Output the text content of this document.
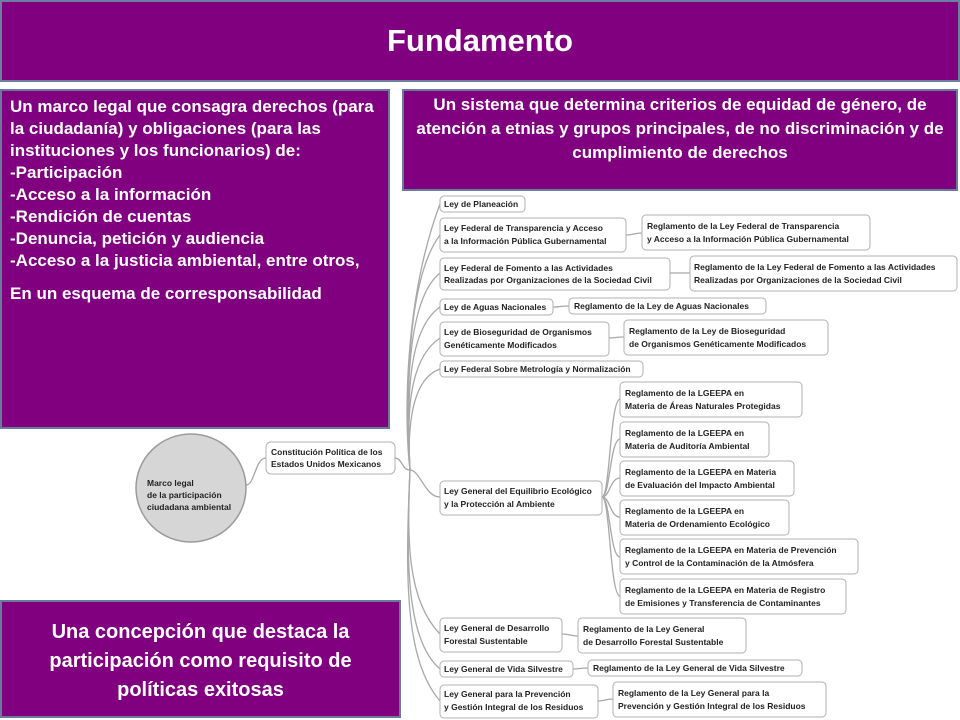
Fundamento
Un marco legal que consagra derechos (para la ciudadanía) y obligaciones (para las instituciones y los funcionarios) de:
-Participación
-Acceso a la información
-Rendición de cuentas
-Denuncia, petición y audiencia
-Acceso a la justicia ambiental, entre otros,
En un esquema de corresponsabilidad
Un sistema que determina criterios de equidad de género, de atención a etnias y grupos principales, de no discriminación y de cumplimiento de derechos
Una concepción que destaca la participación como requisito de políticas exitosas
Marco legal
de la participación
ciudadana ambiental
Constitución Política de los
Estados Unidos Mexicanos
Ley de Planeación
Ley Federal de Transparencia y Acceso
a la Información Pública Gubernamental
Ley Federal de Fomento a las Actividades
Realizadas por Organizaciones de la Sociedad Civil
Ley de Aguas Nacionales
Ley de Bioseguridad de Organismos
Genéticamente Modificados
Ley Federal Sobre Metrología y Normalización
Ley General del Equilibrio Ecológico
y la Protección al Ambiente
Ley General de Desarrollo
Forestal Sustentable
Ley General de Vida Silvestre
Ley General para la Prevención
y Gestión Integral de los Residuos
Reglamento de la Ley Federal de Transparencia
y Acceso a la Información Pública Gubernamental
Reglamento de la Ley Federal de Fomento a las Actividades
Realizadas por Organizaciones de la Sociedad Civil
Reglamento de la Ley de Aguas Nacionales
Reglamento de la Ley de Bioseguridad
de Organismos Genéticamente Modificados
Reglamento de la LGEEPA en
Materia de Áreas Naturales Protegidas
Reglamento de la LGEEPA en
Materia de Auditoría Ambiental
Reglamento de la LGEEPA en Materia
de Evaluación del Impacto Ambiental
Reglamento de la LGEEPA en
Materia de Ordenamiento Ecológico
Reglamento de la LGEEPA en Materia de Prevención
y Control de la Contaminación de la Atmósfera
Reglamento de la LGEEPA en Materia de Registro
de Emisiones y Transferencia de Contaminantes
Reglamento de la Ley General
de Desarrollo Forestal Sustentable
Reglamento de la Ley General de Vida Silvestre
Reglamento de la Ley General para la
Prevención y Gestión Integral de los Residuos
